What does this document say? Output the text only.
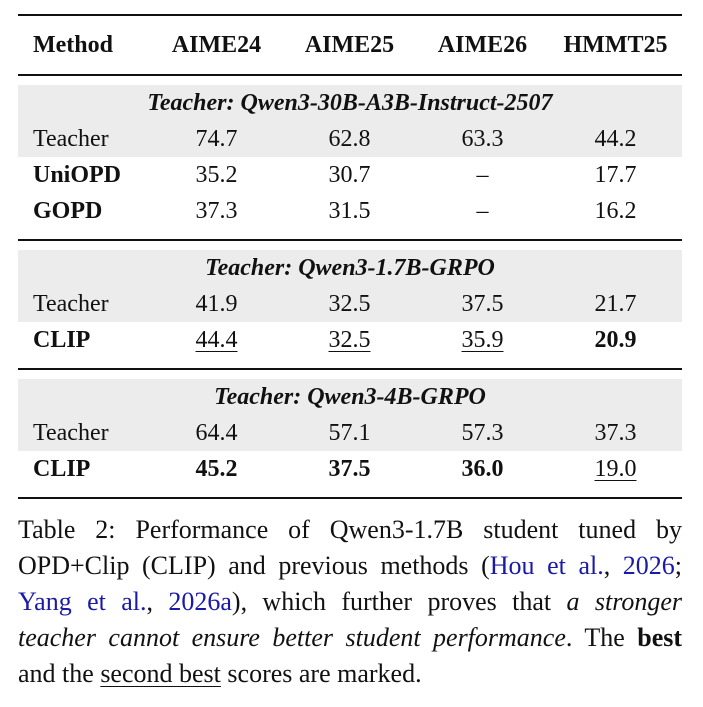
Method	AIME24	AIME25	AIME26	HMMT25

Teacher: Qwen3-30B-A3B-Instruct-2507				
Teacher	74.7	62.8	63.3	44.2
UniOPD	35.2	30.7	–	17.7
GOPD	37.3	31.5	–	16.2

Teacher: Qwen3-1.7B-GRPO				
Teacher	41.9	32.5	37.5	21.7
CLIP	44.4	32.5	35.9	20.9

Teacher: Qwen3-4B-GRPO				
Teacher	64.4	57.1	57.3	37.3
CLIP	45.2	37.5	36.0	19.0

Table 2: Performance of Qwen3-1.7B student tuned by OPD+Clip (CLIP) and previous methods (Hou et al., 2026; Yang et al., 2026a), which further proves that a stronger teacher cannot ensure better student performance. The best and the second best scores are marked.
